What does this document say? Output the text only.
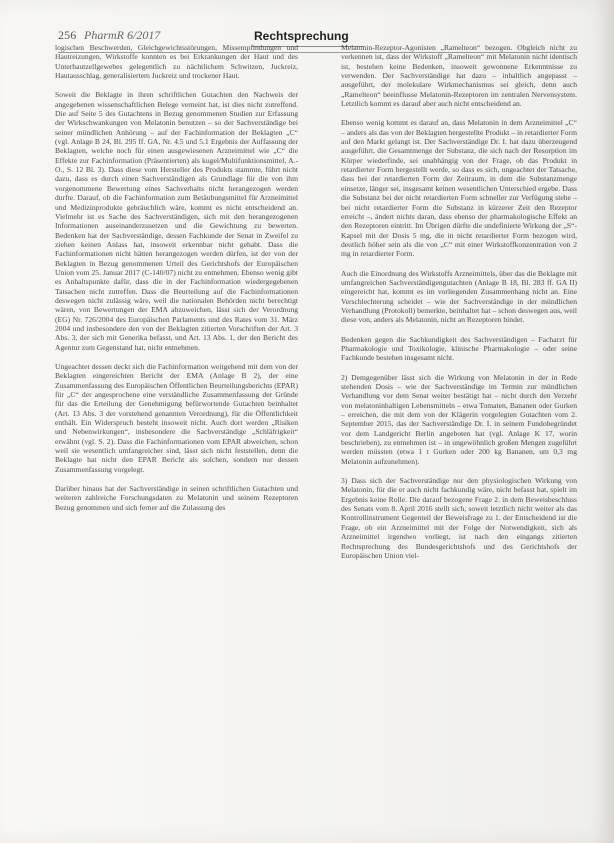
256 PharmR 6/2017	Rechtsprechung

logischen Beschwerden, Gleichgewichtsstörungen, Missempfindungen und Hautreizungen, Wirkstoffe konnten es bei Erkrankungen der Haut und des Unterhautzellgewebes gelegentlich zu nächtlichem Schwitzen, Juckreiz, Hautausschlag, generalisiertem Juckreiz und trockener Haut.

Soweit die Beklagte in ihren schriftlichen Gutachten den Nachweis der angegebenen wissenschaftlichen Belege verneint hat, ist dies nicht zutreffend. Die auf Seite 5 des Gutachtens in Bezug genommenen Studien zur Erfassung der Wirkschwankungen von Melatonin benutzen – so der Sachverständige bei seiner mündlichen Anhörung – auf der Fachinformation der Beklagten „C“ (vgl. Anlage B 24, Bl. 295 ff. GA, Nr. 4.5 und 5.1 Ergebnis der Auffassung der Beklagten, welche noch für einen ausgewiesenen Arzneimittel wie „C“ die Effekte zur Fachinformation (Präsentierten) als kugel/Multifunktionsmittel, A.-O., S. 12 Bl. 3). Dass diese vom Hersteller des Produkts stammte, führt nicht dazu, dass es durch einen Sachverständigen als Grundlage für die von ihm vorgenommene Bewertung eines Sachverhalts nicht herangezogen werden durfte. Darauf, ob die Fachinformation zum Betäubungsmittel für Arzneimittel und Medizinprodukte gebräuchlich wäre, kommt es nicht entscheidend an. Vielmehr ist es Sache des Sachverständigen, sich mit den herangezogenen Informationen auseinanderzusetzen und die Gewichtung zu bewerten. Bedenken hat der Sachverständige, dessen Fachkunde der Senat in Zweifel zu ziehen keinen Anlass hat, insoweit erkennbar nicht gehabt. Dass die Fachinformationen nicht hätten herangezogen werden dürfen, ist der von der Beklagten in Bezug genommenen Urteil des Gerichtshofs der Europäischen Union vom 25. Januar 2017 (C-140/07) nicht zu entnehmen. Ebenso wenig gibt es Anhaltspunkte dafür, dass die in der Fachinformation wiedergegebenen Tatsachen nicht zutreffen. Dass die Beurteilung auf die Fachinformationen deswegen nicht zulässig wäre, weil die nationalen Behörden nicht berechtigt wären, von Bewertungen der EMA abzuweichen, lässt sich der Verordnung (EG) Nr. 726/2004 des Europäischen Parlaments und des Rates vom 31. März 2004 und insbesondere den von der Beklagten zitierten Vorschriften der Art. 3 Abs. 3, der sich mit Generika befasst, und Art. 13 Abs. 1, der den Bericht des Agentur zum Gegenstand hat, nicht entnehmen.

Ungeachtet dessen deckt sich die Fachinformation weitgehend mit dem von der Beklagten eingereichten Bericht der EMA (Anlage B 2), der eine Zusammenfassung des Europäischen Öffentlichen Beurteilungsberichts (EPAR) für „C“ der angesprochene eine verständliche Zusammenfassung der Gründe für das die Erteilung der Genehmigung befürwortende Gutachten beinhaltet (Art. 13 Abs. 3 der vorstehend genannten Verordnung), für die Öffentlichkeit enthält. Ein Widerspruch besteht insoweit nicht. Auch dort werden „Risiken und Nebenwirkungen“, insbesondere die Sachverständige „Schläfrigkeit“ erwähnt (vgl. S. 2). Dass die Fachinformationen vom EPAR abweichen, schon weil sie wesentlich umfangreicher sind, lässt sich nicht feststellen, denn die Beklagte hat nicht den EPAR Bericht als solchen, sondern nur dessen Zusammenfassung vorgelegt.

Darüber hinaus hat der Sachverständige in seinen schriftlichen Gutachten und weiteren zahlreiche Forschungsdaten zu Melatonin und seinem Rezeptoren Bezug genommen und sich ferner auf die Zulassung des

Melatonin-Rezeptor-Agonisten „Ramelteon“ bezogen. Obgleich nicht zu verkennen ist, dass der Wirkstoff „Ramelteon“ mit Melatonin nicht identisch ist, bestehen keine Bedenken, insoweit gewonnene Erkenntnisse zu verwenden. Der Sachverständige hat dazu – inhaltlich angepasst – ausgeführt, der molekulare Wirkmechanismus sei gleich, denn auch „Ramelteon“ beeinflusse Melatonin-Rezeptoren im zentralen Nervensystem. Letztlich kommt es darauf aber auch nicht entscheidend an.

Ebenso wenig kommt es darauf an, dass Melatonin in dem Arzneimittel „C“ – anders als das von der Beklagten hergestellte Produkt – in retardierter Form auf den Markt gelangt ist. Der Sachverständige Dr. I. hat dazu überzeugend ausgeführt, die Gesamtmenge der Substanz, die sich nach der Resorption im Körper wiederfinde, sei unabhängig von der Frage, ob das Produkt in retardierter Form hergestellt werde, so dass es sich, ungeachtet der Tatsache, dass bei der retardierten Form der Zeitraum, in dem die Substanzmenge einsetze, länger sei, insgesamt keinen wesentlichen Unterschied ergebe. Dass die Substanz bei der nicht retardierten Form schneller zur Verfügung stehe – bei nicht retardierter Form die Substanz in kürzerer Zeit den Rezeptor erreicht –, ändert nichts daran, dass ebenso der pharmakologische Effekt an den Rezeptoren eintritt. Im Übrigen dürfte die undefinierte Wirkung der „S“-Kapsel mit der Dosis 5 mg, die in nicht retardierter Form bezogen wird, deutlich höher sein als die von „C“ mit einer Wirkstoffkonzentration von 2 mg in retardierter Form.

Auch die Einordnung des Wirkstoffs Arzneimittels, über das die Beklagte mit umfangreichen Sachverständigengutachten (Anlage B 18, Bl. 283 ff. GA II) eingereicht hat, kommt es im vorliegenden Zusammenhang nicht an. Eine Verschlechterung scheidet – wie der Sachverständige in der mündlichen Verhandlung (Protokoll) bemerkte, beinhaltet hat – schon deswegen aus, weil diese von, anders als Melatonin, nicht an Rezeptoren bindet.

Bedenken gegen die Sachkundigkeit des Sachverständigen – Facharzt für Pharmakologie und Toxikologie, klinische Pharmakologie – oder seine Fachkunde bestehen insgesamt nicht.

2) Demgegenüber lässt sich die Wirkung von Melatonin in der in Rede stehenden Dosis – wie der Sachverständige im Termin zur mündlichen Verhandlung vor dem Senat weiter bestätigt hat – nicht durch den Verzehr von melatoninhaltigen Lebensmitteln – etwa Tomaten, Bananen oder Gurken – erreichen, die mit dem von der Klägerin vorgelegten Gutachten vom 2. September 2015, das der Sachverständige Dr. I. in seinem Fundobegründet vor dem Landgericht Berlin angeboten hat (vgl. Anlage K 17, worin beschrieben), zu entnehmen ist – in ungewöhnlich großen Mengen zugeführt werden müssten (etwa 1 t Gurken oder 200 kg Bananen, um 0,3 mg Melatonin aufzunehmen).

3) Dass sich der Sachverständige nur den physiologischen Wirkung von Melatonin, für die er auch nicht fachkundig wäre, nicht befasst hat, spielt im Ergebnis keine Rolle. Die darauf bezogene Frage 2. in dem Beweisbeschluss des Senats vom 8. April 2016 stellt sich, soweit letztlich nicht weiter als das Kontrollinstrument Gegenteil der Beweisfrage zu 1. der Entscheidend ist die Frage, ob ein Arzneimittel mit der Folge der Notwendigkeit, sich als Arzneimittel irgendwo vorliegt, ist nach den eingangs zitierten Rechtsprechung des Bundesgerichtshofs und des Gerichtshofs der Europäischen Union viel-
